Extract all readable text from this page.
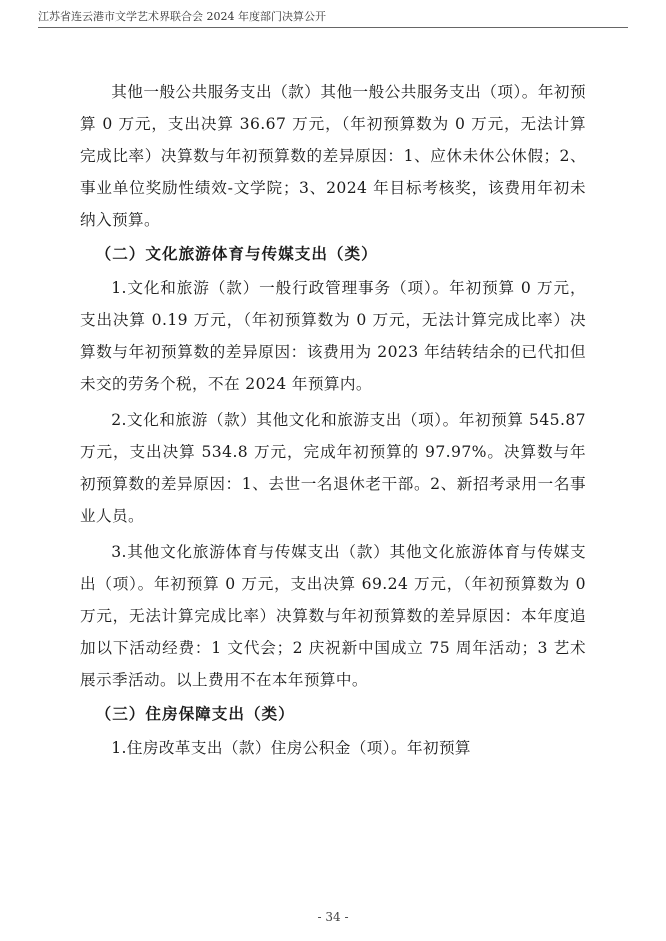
江苏省连云港市文学艺术界联合会 2024 年度部门决算公开

其他一般公共服务支出（款）其他一般公共服务支出（项）。年初预算 0 万元，支出决算 36.67 万元，（年初预算数为 0 万元，无法计算完成比率）决算数与年初预算数的差异原因：1、应休未休公休假；2、事业单位奖励性绩效-文学院；3、2024 年目标考核奖，该费用年初未纳入预算。

（二）文化旅游体育与传媒支出（类）

1.文化和旅游（款）一般行政管理事务（项）。年初预算 0 万元，支出决算 0.19 万元，（年初预算数为 0 万元，无法计算完成比率）决算数与年初预算数的差异原因：该费用为 2023 年结转结余的已代扣但未交的劳务个税，不在 2024 年预算内。

2.文化和旅游（款）其他文化和旅游支出（项）。年初预算 545.87 万元，支出决算 534.8 万元，完成年初预算的 97.97%。决算数与年初预算数的差异原因：1、去世一名退休老干部。2、新招考录用一名事业人员。

3.其他文化旅游体育与传媒支出（款）其他文化旅游体育与传媒支出（项）。年初预算 0 万元，支出决算 69.24 万元，（年初预算数为 0 万元，无法计算完成比率）决算数与年初预算数的差异原因：本年度追加以下活动经费：1 文代会；2 庆祝新中国成立 75 周年活动；3 艺术展示季活动。以上费用不在本年预算中。

（三）住房保障支出（类）

1.住房改革支出（款）住房公积金（项）。年初预算

- 34 -
